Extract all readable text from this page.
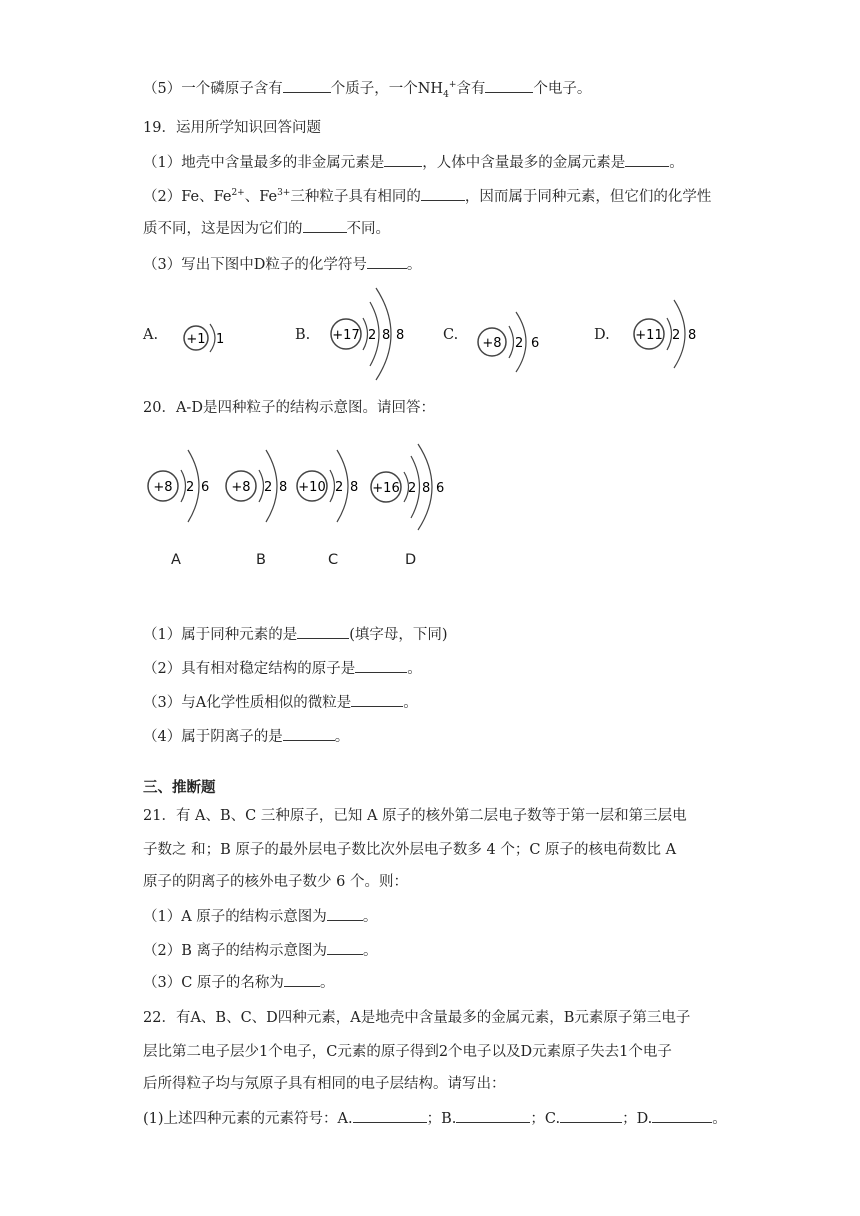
（5）一个磷原子含有	个质子，一个$NH_4^+$含有	个电子。
19．运用所学知识回答问题
（1）地壳中含量最多的非金属元素是	，人体中含量最多的金属元素是	。
（2）Fe、$Fe^{2+}$、$Fe^{3+}$三种粒子具有相同的	，因而属于同种元素，但它们的化学性
质不同，这是因为它们的	不同。
（3）写出下图中D粒子的化学符号	。
A. +1 1	B. +17 2 8 8	C.
+8 2 6
D. +11 2 8
20．A-D是四种粒子的结构示意图。请回答：
+8 2 6 +8 2 8 +10 2 8 +16 2 8 6
A	B	C	D
（1）属于同种元素的是	(填字母，下同)
（2）具有相对稳定结构的原子是	。
（3）与A化学性质相似的微粒是	。
（4）属于阴离子的是	。
三、推断题
21．有 A、B、C 三种原子，已知 A 原子的核外第二层电子数等于第一层和第三层电
子数之 和；B 原子的最外层电子数比次外层电子数多 4 个；C 原子的核电荷数比 A
原子的阴离子的核外电子数少 6 个。则：
（1）A 原子的结构示意图为 。
（2）B 离子的结构示意图为 。
（3）C 原子的名称为 。
22．有A、B、C、D四种元素，A是地壳中含量最多的金属元素，B元素原子第三电子
层比第二电子层少1个电子，C元素的原子得到2个电子以及D元素原子失去1个电子
后所得粒子均与氖原子具有相同的电子层结构。请写出：
(1)上述四种元素的元素符号：A.	；B.	；C.	；D.	。
